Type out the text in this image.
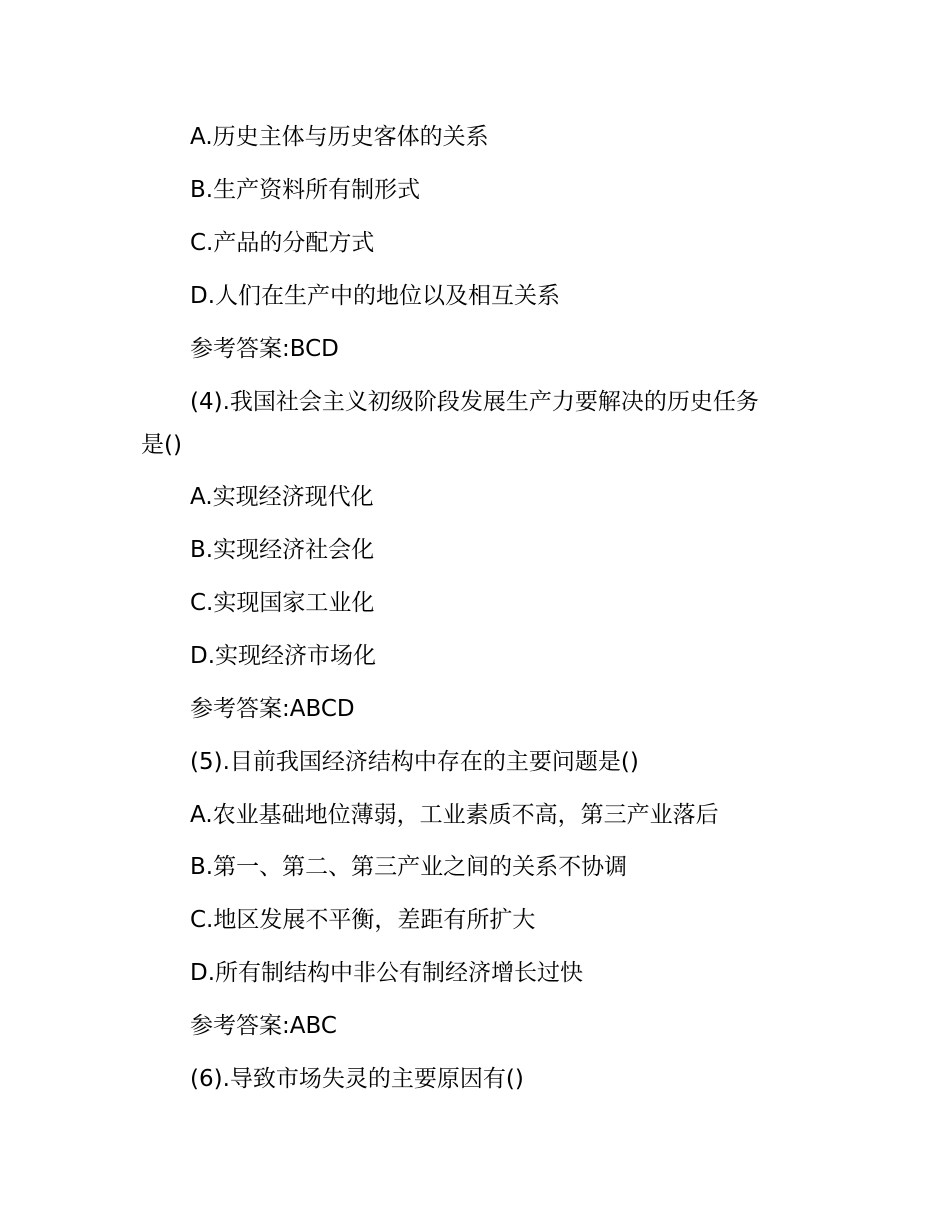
A.历史主体与历史客体的关系
B.生产资料所有制形式
C.产品的分配方式
D.人们在生产中的地位以及相互关系
参考答案:BCD
(4).我国社会主义初级阶段发展生产力要解决的历史任务
是()
A.实现经济现代化
B.实现经济社会化
C.实现国家工业化
D.实现经济市场化
参考答案:ABCD
(5).目前我国经济结构中存在的主要问题是()
A.农业基础地位薄弱，工业素质不高，第三产业落后
B.第一、第二、第三产业之间的关系不协调
C.地区发展不平衡，差距有所扩大
D.所有制结构中非公有制经济增长过快
参考答案:ABC
(6).导致市场失灵的主要原因有()
